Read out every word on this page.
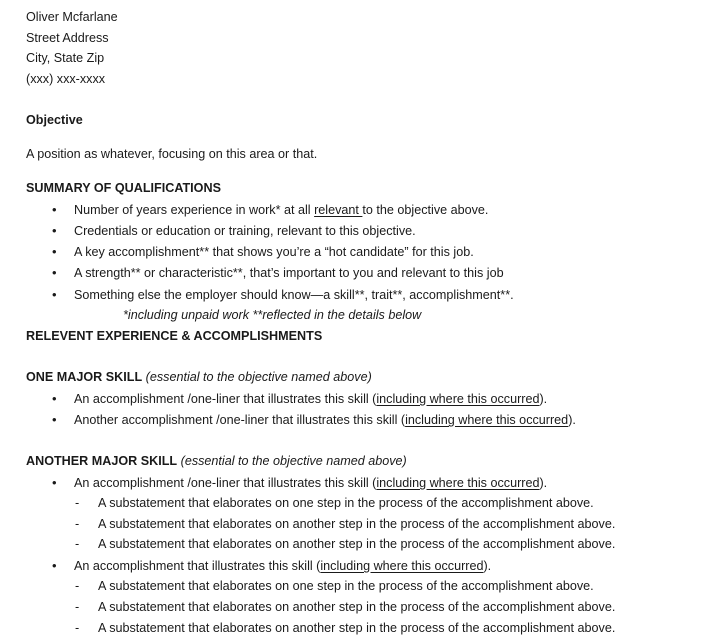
Oliver Mcfarlane
Street Address
City, State Zip
(xxx) xxx-xxxx
Objective
A position as whatever, focusing on this area or that.
SUMMARY OF QUALIFICATIONS
• Number of years experience in work* at all relevant to the objective above.
• Credentials or education or training, relevant to this objective.
• A key accomplishment** that shows you’re a “hot candidate” for this job.
• A strength** or characteristic**, that’s important to you and relevant to this job
• Something else the employer should know—a skill**, trait**, accomplishment**.
*including unpaid work **reflected in the details below
RELEVENT EXPERIENCE & ACCOMPLISHMENTS
ONE MAJOR SKILL (essential to the objective named above)
• An accomplishment /one-liner that illustrates this skill (including where this occurred).
• Another accomplishment /one-liner that illustrates this skill (including where this occurred).
ANOTHER MAJOR SKILL (essential to the objective named above)
• An accomplishment /one-liner that illustrates this skill (including where this occurred).
- A substatement that elaborates on one step in the process of the accomplishment above.
- A substatement that elaborates on another step in the process of the accomplishment above.
- A substatement that elaborates on another step in the process of the accomplishment above.
• An accomplishment that illustrates this skill (including where this occurred).
- A substatement that elaborates on one step in the process of the accomplishment above.
- A substatement that elaborates on another step in the process of the accomplishment above.
- A substatement that elaborates on another step in the process of the accomplishment above.
